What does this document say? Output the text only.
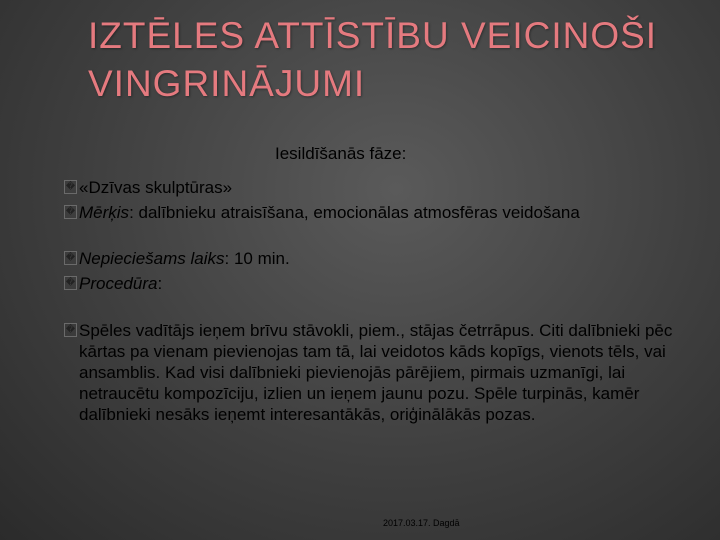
IZTĒLES ATTĪSTĪBU VEICINOŠI
VINGRINĀJUMI
Iesildīšanās fāze:
� «Dzīvas skulptūras»
� Mērķis: dalībnieku atraisīšana, emocionālas atmosfēras veidošana
� Nepieciešams laiks: 10 min.
� Procedūra:
� Spēles vadītājs ieņem brīvu stāvokli, piem., stājas četrrāpus. Citi dalībnieki pēc kārtas pa vienam pievienojas tam tā, lai veidotos kāds kopīgs, vienots tēls, vai ansamblis. Kad visi dalībnieki pievienojās pārējiem, pirmais uzmanīgi, lai netraucētu kompozīciju, izlien un ieņem jaunu pozu. Spēle turpinās, kamēr dalībnieki nesāks ieņemt interesantākās, oriģinālākās pozas.
2017.03.17. Dagdā
